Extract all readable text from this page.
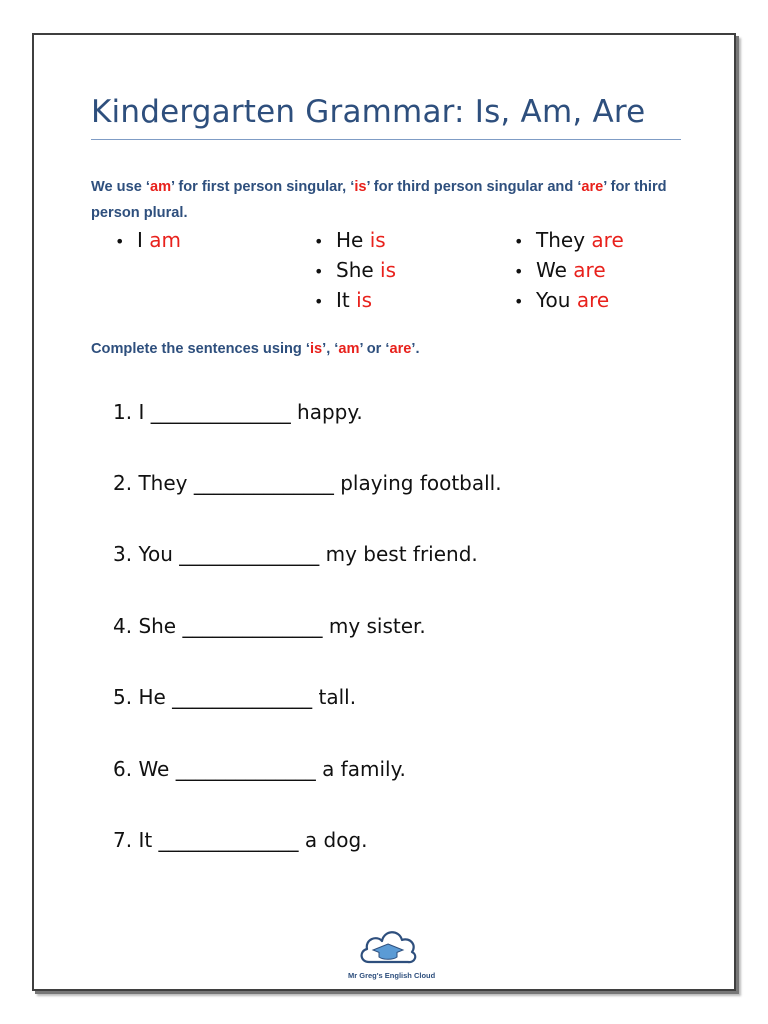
Kindergarten Grammar: Is, Am, Are

We use ‘am’ for first person singular, ‘is’ for third person singular and ‘are’ for third person plural.

• I am	• He is
• She is
• It is
• They are
• We are
• You are

Complete the sentences using ‘is’, ‘am’ or ‘are’.

1. I ______________ happy.
2. They ______________ playing football.
3. You ______________ my best friend.
4. She ______________ my sister.
5. He ______________ tall.
6. We ______________ a family.
7. It ______________ a dog.
Mr Greg's English Cloud
